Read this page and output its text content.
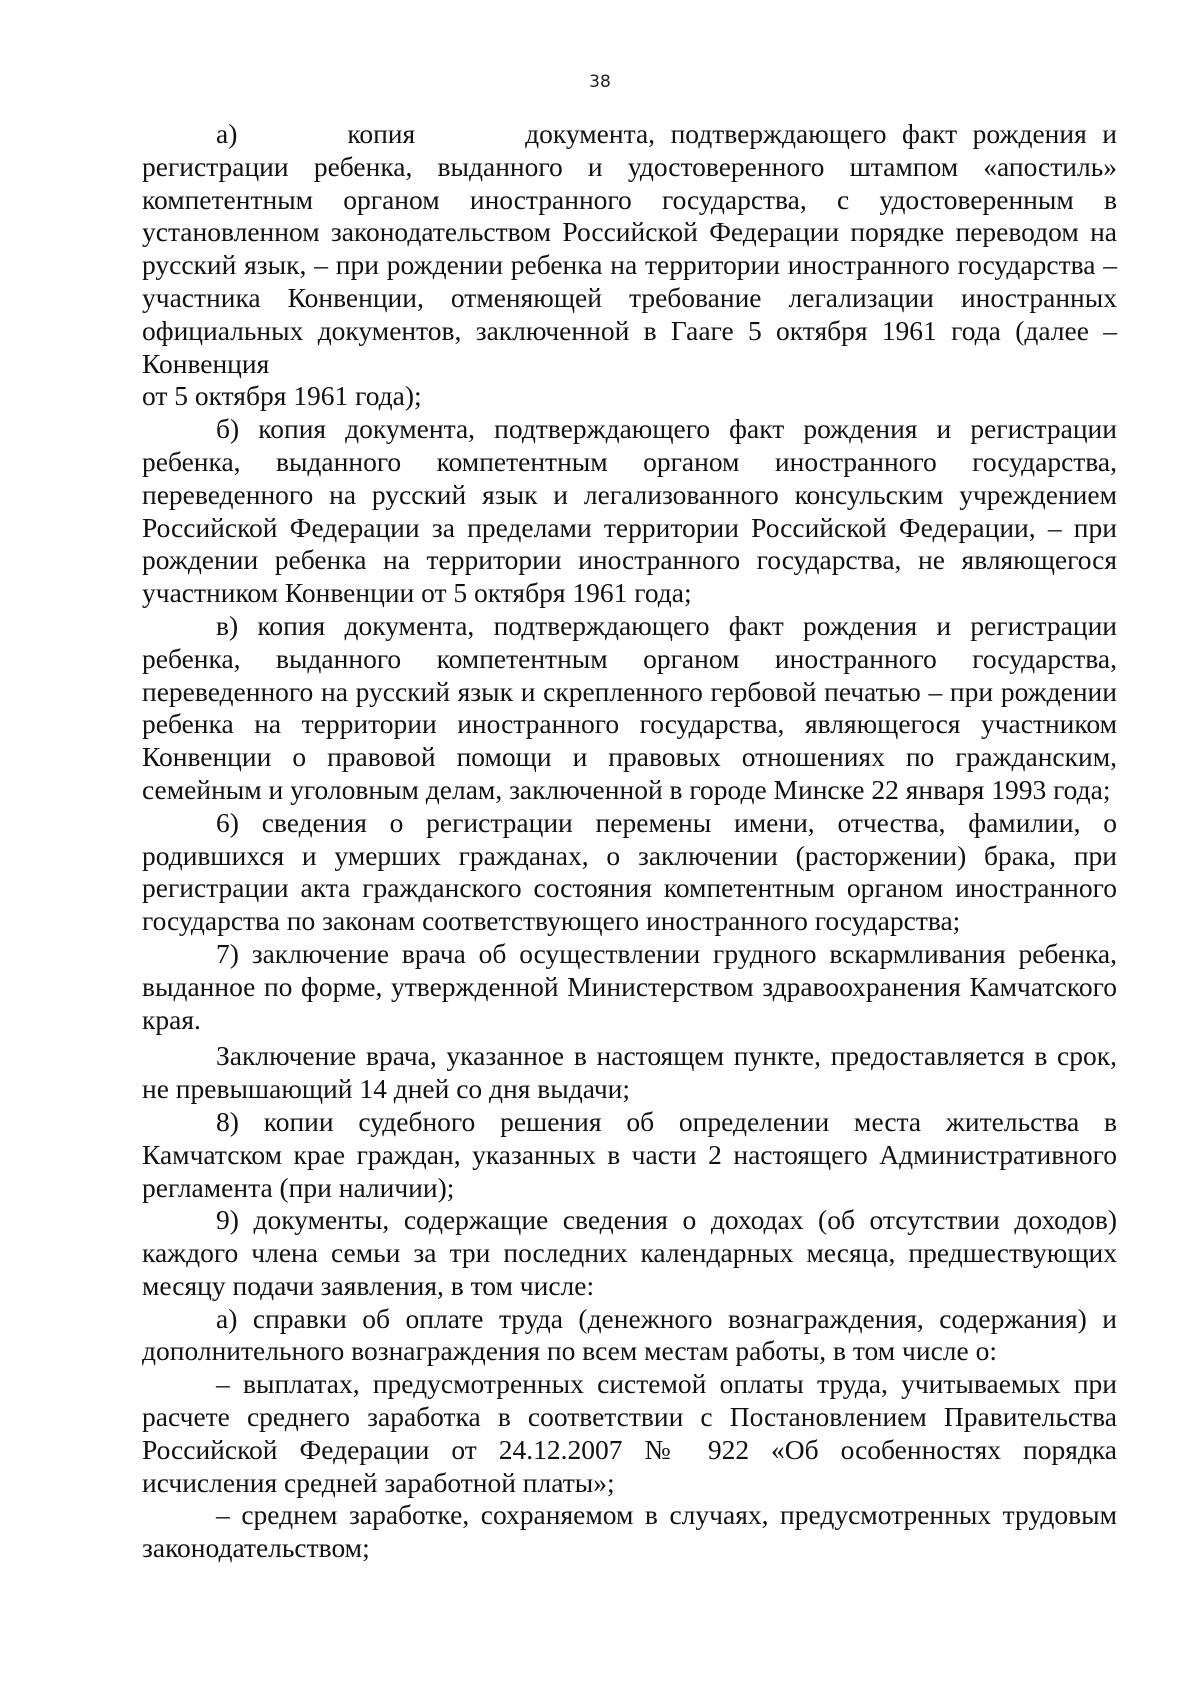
38

а)    копия    документа, подтверждающего факт рождения и регистрации ребенка, выданного и удостоверенного штампом «апостиль» компетентным органом иностранного государства, с удостоверенным в установленном законодательством Российской Федерации порядке переводом на русский язык, – при рождении ребенка на территории иностранного государства – участника Конвенции, отменяющей требование легализации иностранных официальных документов, заключенной в Гааге 5 октября 1961 года (далее – Конвенция

от 5 октября 1961 года);

б) копия документа, подтверждающего факт рождения и регистрации ребенка, выданного компетентным органом иностранного государства, переведенного на русский язык и легализованного консульским учреждением Российской Федерации за пределами территории Российской Федерации, – при рождении ребенка на территории иностранного государства, не являющегося участником Конвенции от 5 октября 1961 года;

в) копия документа, подтверждающего факт рождения и регистрации ребенка, выданного компетентным органом иностранного государства, переведенного на русский язык и скрепленного гербовой печатью – при рождении ребенка на территории иностранного государства, являющегося участником Конвенции о правовой помощи и правовых отношениях по гражданским, семейным и уголовным делам, заключенной в городе Минске 22 января 1993 года;

6) сведения о регистрации перемены имени, отчества, фамилии, о родившихся и умерших гражданах, о заключении (расторжении) брака, при регистрации акта гражданского состояния компетентным органом иностранного государства по законам соответствующего иностранного государства;

7) заключение врача об осуществлении грудного вскармливания ребенка, выданное по форме, утвержденной Министерством здравоохранения Камчатского края.

Заключение врача, указанное в настоящем пункте, предоставляется в срок, не превышающий 14 дней со дня выдачи;

8) копии судебного решения об определении места жительства в Камчатском крае граждан, указанных в части 2 настоящего Административного регламента (при наличии);

9) документы, содержащие сведения о доходах (об отсутствии доходов) каждого члена семьи за три последних календарных месяца, предшествующих месяцу подачи заявления, в том числе:

а) справки об оплате труда (денежного вознаграждения, содержания) и дополнительного вознаграждения по всем местам работы, в том числе о:

– выплатах, предусмотренных системой оплаты труда, учитываемых при расчете среднего заработка в соответствии с Постановлением Правительства Российской Федерации от 24.12.2007 № 922 «Об особенностях порядка исчисления средней заработной платы»;

– среднем заработке, сохраняемом в случаях, предусмотренных трудовым законодательством;
